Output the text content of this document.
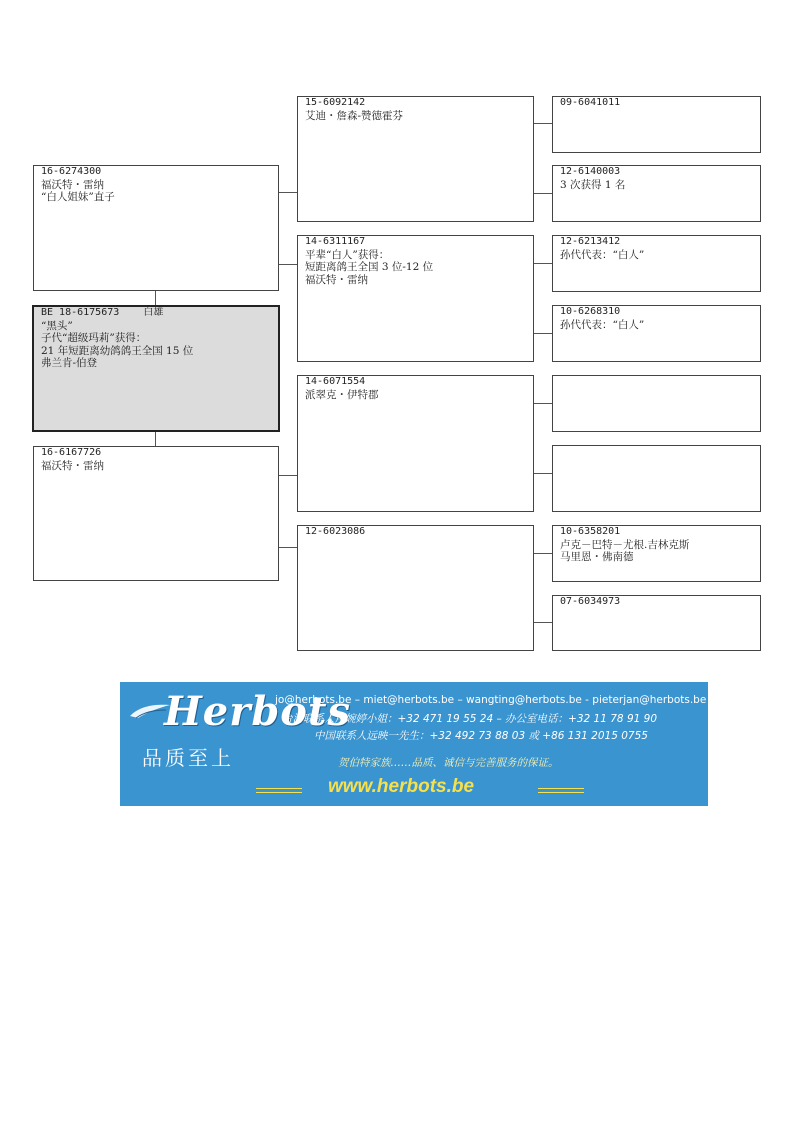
16-6274300
福沃特・雷纳
“白人姐妹”直子
BE 18-6175673 白雄
“黑头”
子代“超级玛莉”获得：
21 年短距离幼鸽鸽王全国 15 位
弗兰肯-伯登
16-6167726
福沃特・雷纳
15-6092142
艾迪・詹森-赞德霍芬
14-6311167
平辈“白人”获得：
短距离鸽王全国 3 位-12 位
福沃特・雷纳
14-6071554
派翠克・伊特郡
12-6023086
09-6041011
12-6140003
3 次获得 1 名
12-6213412
孙代代表：“白人”
10-6268310
孙代代表：“白人”
10-6358201
卢克－巴特－尤根.吉林克斯
马里恩・佛南德
07-6034973
Herbots
品质至上
jo@herbots.be – miet@herbots.be – wangting@herbots.be - pieterjan@herbots.be
台湾联系人卢婉婷小姐：+32 471 19 55 24 – 办公室电话：+32 11 78 91 90
中国联系人远映一先生：+32 492 73 88 03 或 +86 131 2015 0755
贺伯特家族……品质、诚信与完善服务的保证。
www.herbots.be
